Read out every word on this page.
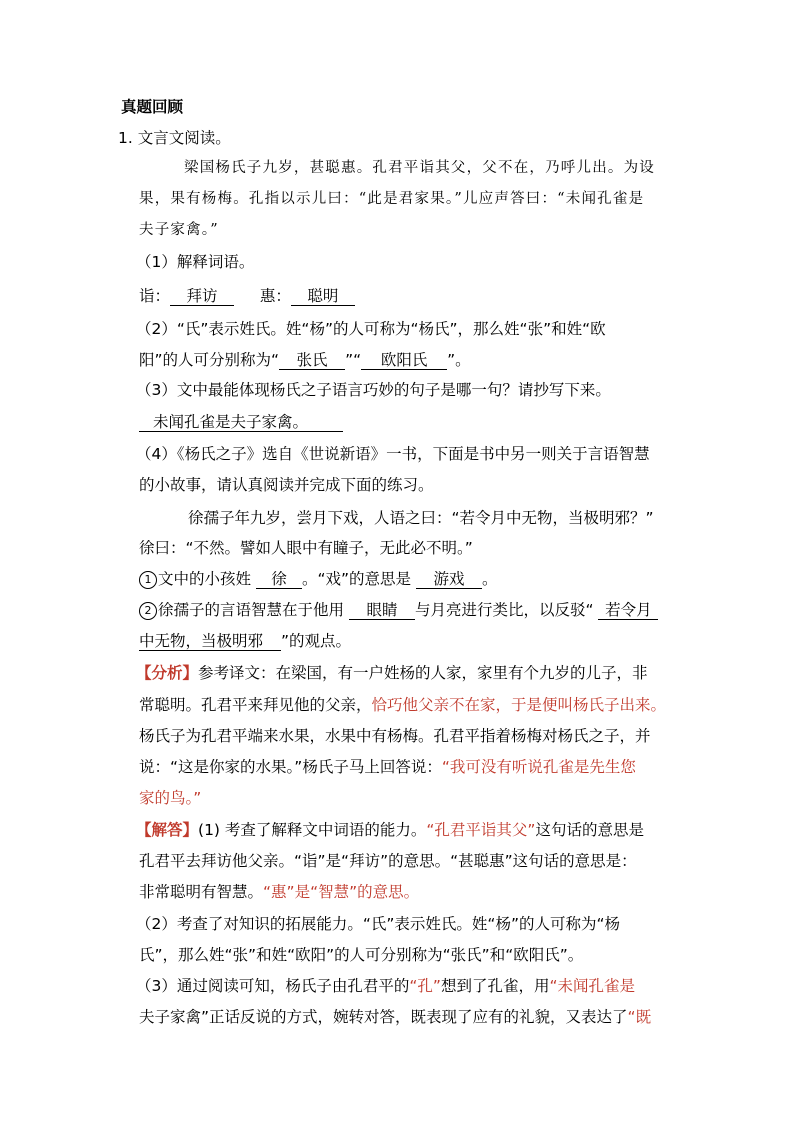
真题回顾
1. 文言文阅读。
梁国杨氏子九岁，甚聪惠。孔君平诣其父，父不在，乃呼儿出。为设
果，果有杨梅。孔指以示儿曰：“此是君家果。”儿应声答曰：“未闻孔雀是
夫子家禽。”
（1）解释词语。
诣： 拜访	惠： 聪明
（2）“氏”表示姓氏。姓“杨”的人可称为“杨氏”，那么姓“张”和姓“欧
阳”的人可分别称为“ 张氏 ”“ 欧阳氏 ”。
（3）文中最能体现杨氏之子语言巧妙的句子是哪一句？请抄写下来。
未闻孔雀是夫子家禽。
（4）《杨氏之子》选自《世说新语》一书，下面是书中另一则关于言语智慧
的小故事，请认真阅读并完成下面的练习。
徐孺子年九岁，尝月下戏，人语之曰：“若令月中无物，当极明邪？”
徐曰：“不然。譬如人眼中有瞳子，无此必不明。”
1 文中的小孩姓 徐 。“戏”的意思是 游戏 。
2 徐孺子的言语智慧在于他用 眼睛 与月亮进行类比，以反驳“ 若令月
中无物，当极明邪 ”的观点。
【分析】参考译文：在梁国，有一户姓杨的人家，家里有个九岁的儿子，非
常聪明。孔君平来拜见他的父亲，恰巧他父亲不在家，于是便叫杨氏子出来。
杨氏子为孔君平端来水果，水果中有杨梅。孔君平指着杨梅对杨氏之子，并
说：“这是你家的水果。”杨氏子马上回答说：“我可没有听说孔雀是先生您
家的鸟。”
【解答】(1) 考查了解释文中词语的能力。“孔君平诣其父”这句话的意思是
孔君平去拜访他父亲。“诣”是“拜访”的意思。“甚聪惠”这句话的意思是：
非常聪明有智慧。“惠”是“智慧”的意思。
（2）考查了对知识的拓展能力。“氏”表示姓氏。姓“杨”的人可称为“杨
氏”，那么姓“张”和姓“欧阳”的人可分别称为“张氏”和“欧阳氏”。
（3）通过阅读可知，杨氏子由孔君平的“孔”想到了孔雀，用“未闻孔雀是
夫子家禽”正话反说的方式，婉转对答，既表现了应有的礼貌，又表达了“既
